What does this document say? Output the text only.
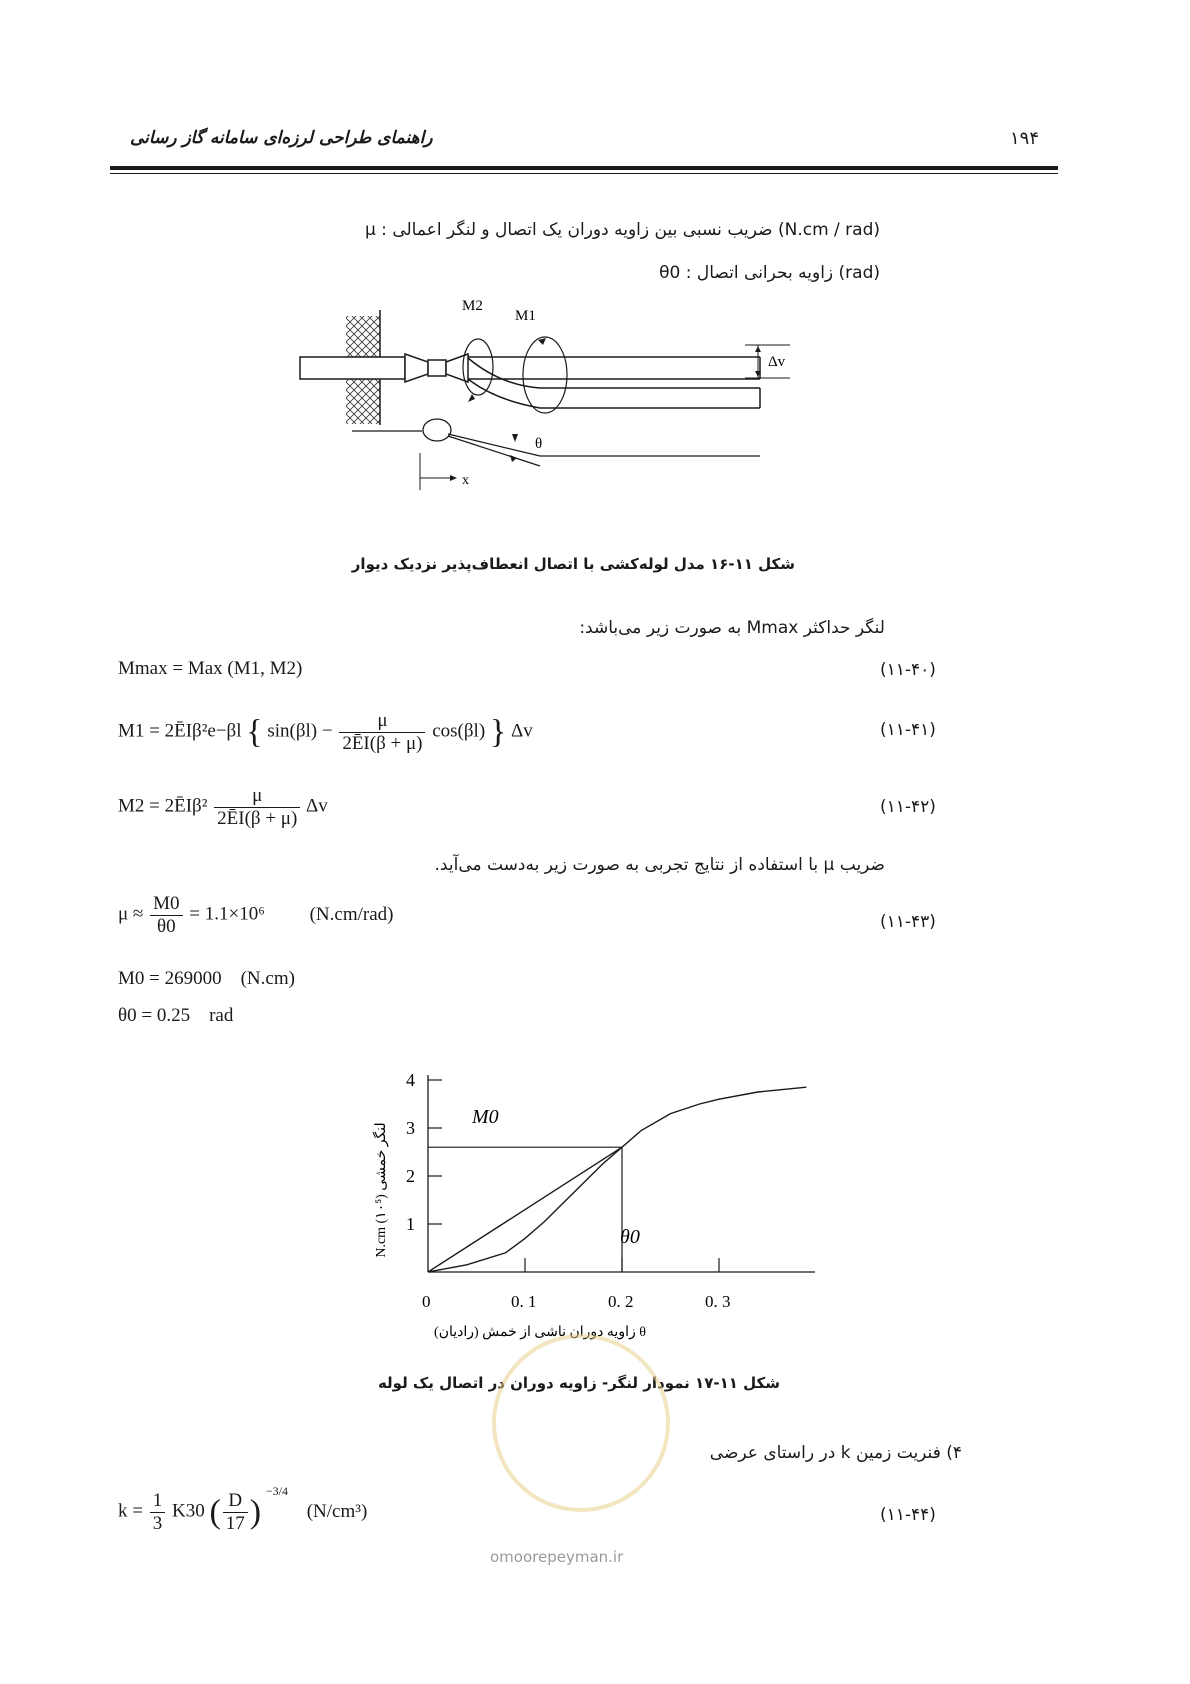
راهنمای طراحی لرزه‌ای سامانه گاز رسانی	۱۹۴
μ : ضریب نسبی بین زاویه دوران یک اتصال و لنگر اعمالی (N.cm / rad)
θ0 : زاویه بحرانی اتصال (rad)
M2
M1
Δv
θ
x
شکل ۱۱-۱۶ مدل لوله‌کشی با اتصال انعطاف‌پذیر نزدیک دیوار
لنگر حداکثر Mmax به صورت زیر می‌باشد:
Mmax = Max (M1, M2)	(۱۱-۴۰)
M1 = 2ĒIβ²e−βl { $\sin(\beta l) - \frac{\mu}{2ĒI(\beta + \mu)} \cos(\beta l)$ } Δv	(۱۱-۴۱)
M2 = 2ĒIβ² $\frac{\mu}{2ĒI(\beta + \mu)}$ Δv	(۱۱-۴۲)
ضریب μ با استفاده از نتایج تجربی به صورت زیر به‌دست می‌آید.
$\mu \approx \frac{M0}{\theta 0} = 1.1\times 10^6$ (N.cm/rad)	(۱۱-۴۳)
M0 = 269000    (N.cm)
θ0 = 0.25    rad
1
2
3
4
0	0. 1	0. 2	0. 3
M0
θ0
N.cm (۱۰⁵) لنگر خمشی
θ زاویه دوران ناشی از خمش (رادیان)
شکل ۱۱-۱۷ نمودار لنگر- زاویه دوران در اتصال یک لوله
۴) فنریت زمین k در راستای عرضی
$k = \frac{1}{3} K30$ ( $\frac{D}{17}$ ) $^{-3/4}$ (N/cm³)	(۱۱-۴۴)
omoorepeyman.ir
